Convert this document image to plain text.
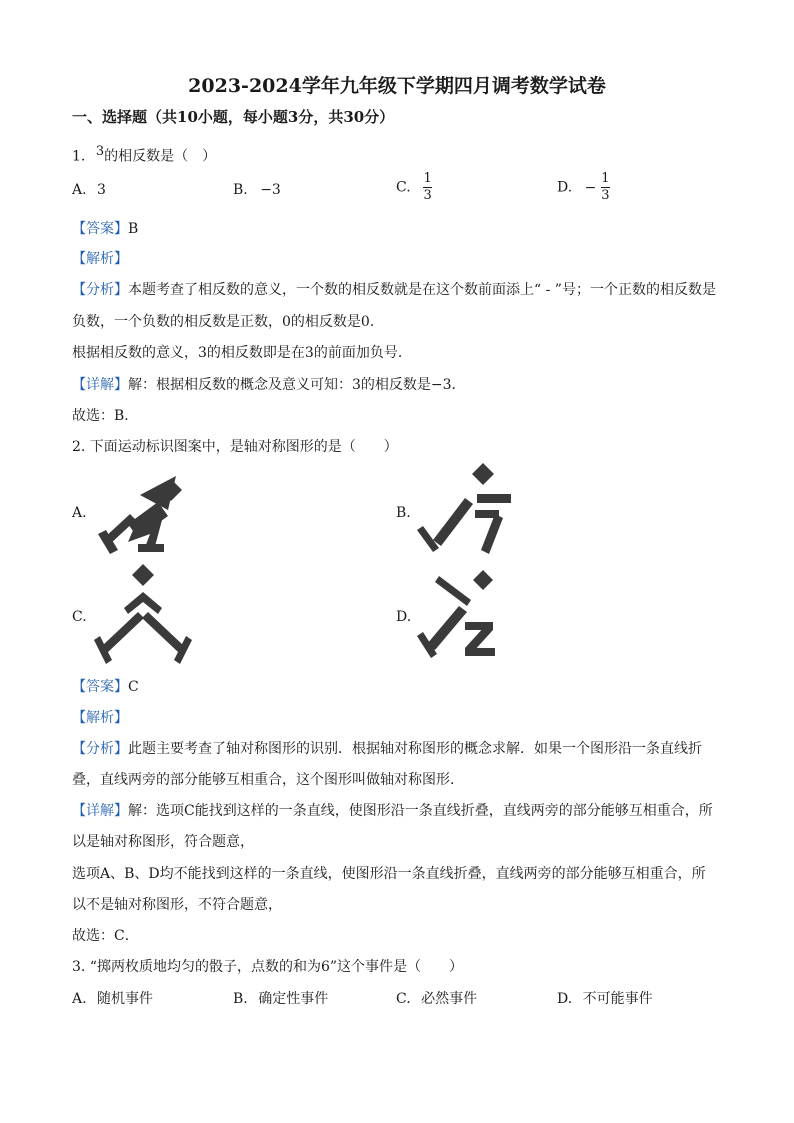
2023-2024学年九年级下学期四月调考数学试卷
一、选择题（共10小题，每小题3分，共30分）
1. $^3$的相反数是（　）
A. 3	B. −3	C. $\frac{1}{3}$	D. − $\frac{1}{3}$
【答案】B
【解析】
【分析】本题考查了相反数的意义，一个数的相反数就是在这个数前面添上“ - ”号；一个正数的相反数是
负数，一个负数的相反数是正数，0的相反数是0．
根据相反数的意义，3的相反数即是在3的前面加负号．
【详解】解：根据相反数的概念及意义可知：3的相反数是−3．
故选：B．
2. 下面运动标识图案中，是轴对称图形的是（　　）
A.	B.
C.	D.
【答案】C
【解析】
【分析】此题主要考查了轴对称图形的识别．根据轴对称图形的概念求解．如果一个图形沿一条直线折
叠，直线两旁的部分能够互相重合，这个图形叫做轴对称图形．
【详解】解：选项C能找到这样的一条直线，使图形沿一条直线折叠，直线两旁的部分能够互相重合，所
以是轴对称图形，符合题意，
选项A、B、D均不能找到这样的一条直线，使图形沿一条直线折叠，直线两旁的部分能够互相重合，所
以不是轴对称图形，不符合题意，
故选：C．
3. “掷两枚质地均匀的骰子，点数的和为6”这个事件是（　　）
A. 随机事件	B. 确定性事件	C. 必然事件	D. 不可能事件
